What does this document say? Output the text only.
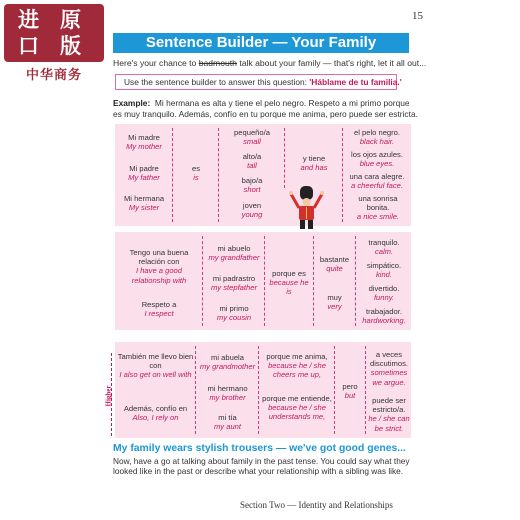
进 原
口 版
中华商务
15
Sentence Builder — Your Family
Here's your chance to badmouth talk about your family — that's right, let it all out...
Use the sentence builder to answer this question: 'Háblame de tu familia.'
Example: Mi hermana es alta y tiene el pelo negro. Respeto a mi primo porque es muy tranquilo. Además, confío en tu porque me anima, pero puede ser estricta.
Mi madre
My mother
Mi padre
My father
Mi hermana
My sister
es
is
pequeño/a
small
alto/a
tall
bajo/a
short
joven
young
y tiene
and has
el pelo negro.
black hair.
los ojos azules.
blue eyes.
una cara alegre.
a cheerful face.
una sonrisa bonita.
a nice smile.
Tengo una buena relación con
I have a good relationship with
Respeto a
I respect
mi abuelo
my grandfather
mi padrastro
my stepfather
mi primo
my cousin
porque es
because he is
bastante
quite
muy
very
tranquilo.
calm.
simpático.
kind.
divertido.
funny.
trabajador.
hardworking.
Higher
También me llevo bien con
I also get on well with
Además, confío en
Also, I rely on
mi abuela
my grandmother
mi hermano
my brother
mi tía
my aunt
porque me anima,
because he / she cheers me up,
porque me entiende,
because he / she understands me,
pero
but
a veces discutimos.
sometimes we argue.
puede ser estricto/a.
he / she can be strict.
My family wears stylish trousers — we've got good genes...
Now, have a go at talking about family in the past tense. You could say what they looked like in the past or describe what your relationship with a sibling was like.
Section Two — Identity and Relationships
